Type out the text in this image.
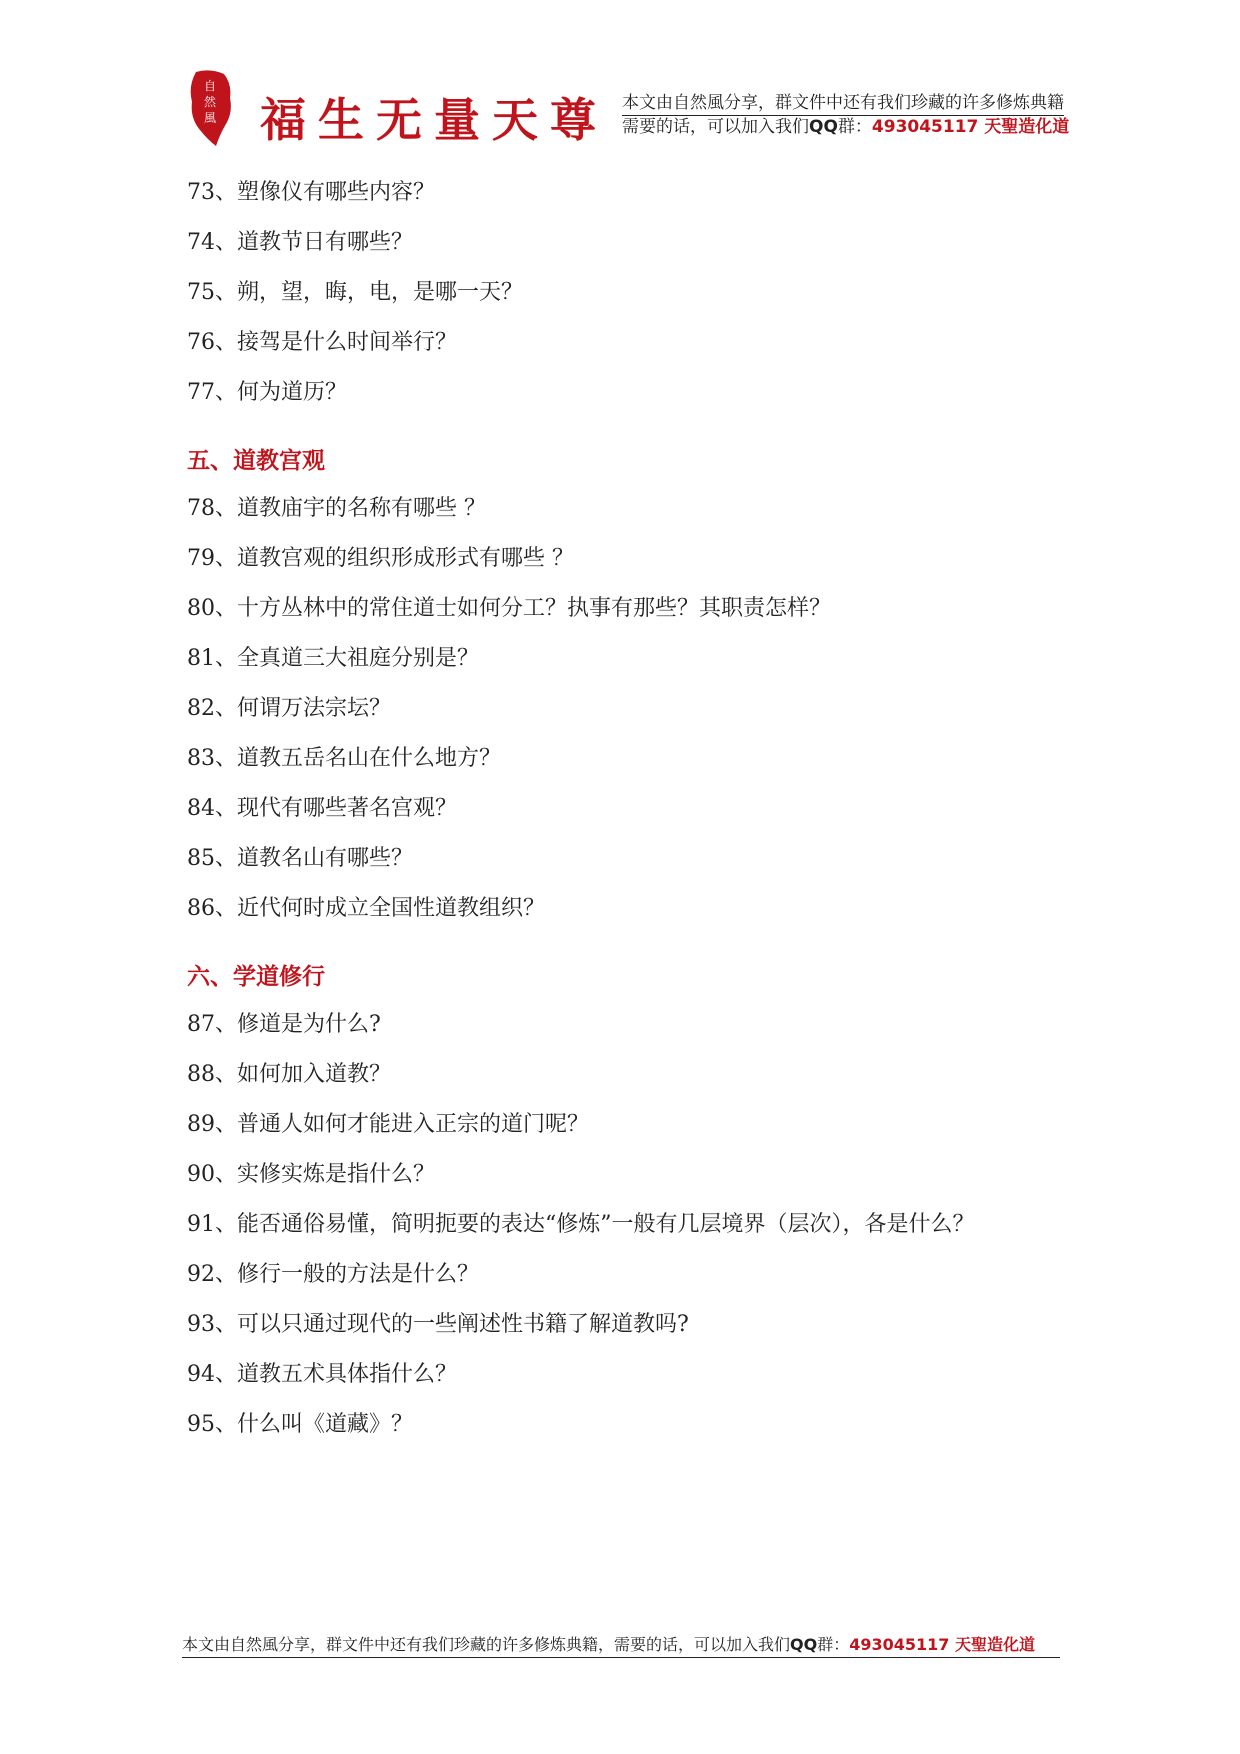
自
然
風 福生无量天尊 本文由自然風分享，群文件中还有我们珍藏的许多修炼典籍
需要的话，可以加入我们QQ群：493045117 天聖造化道
73、塑像仪有哪些内容？
74、道教节日有哪些？
75、朔，望，晦，电，是哪一天？
76、接驾是什么时间举行？
77、何为道历？
五、道教宫观
78、道教庙宇的名称有哪些 ？
79、道教宫观的组织形成形式有哪些 ？
80、十方丛林中的常住道士如何分工？执事有那些？其职责怎样？
81、全真道三大祖庭分别是？
82、何谓万法宗坛？
83、道教五岳名山在什么地方？
84、现代有哪些著名宫观？
85、道教名山有哪些？
86、近代何时成立全国性道教组织？
六、学道修行
87、修道是为什么?
88、如何加入道教？
89、普通人如何才能进入正宗的道门呢？
90、实修实炼是指什么？
91、能否通俗易懂，简明扼要的表达“修炼”一般有几层境界（层次），各是什么？
92、修行一般的方法是什么？
93、可以只通过现代的一些阐述性书籍了解道教吗?
94、道教五术具体指什么？
95、什么叫《道藏》？
本文由自然風分享，群文件中还有我们珍藏的许多修炼典籍，需要的话，可以加入我们QQ群：493045117 天聖造化道
